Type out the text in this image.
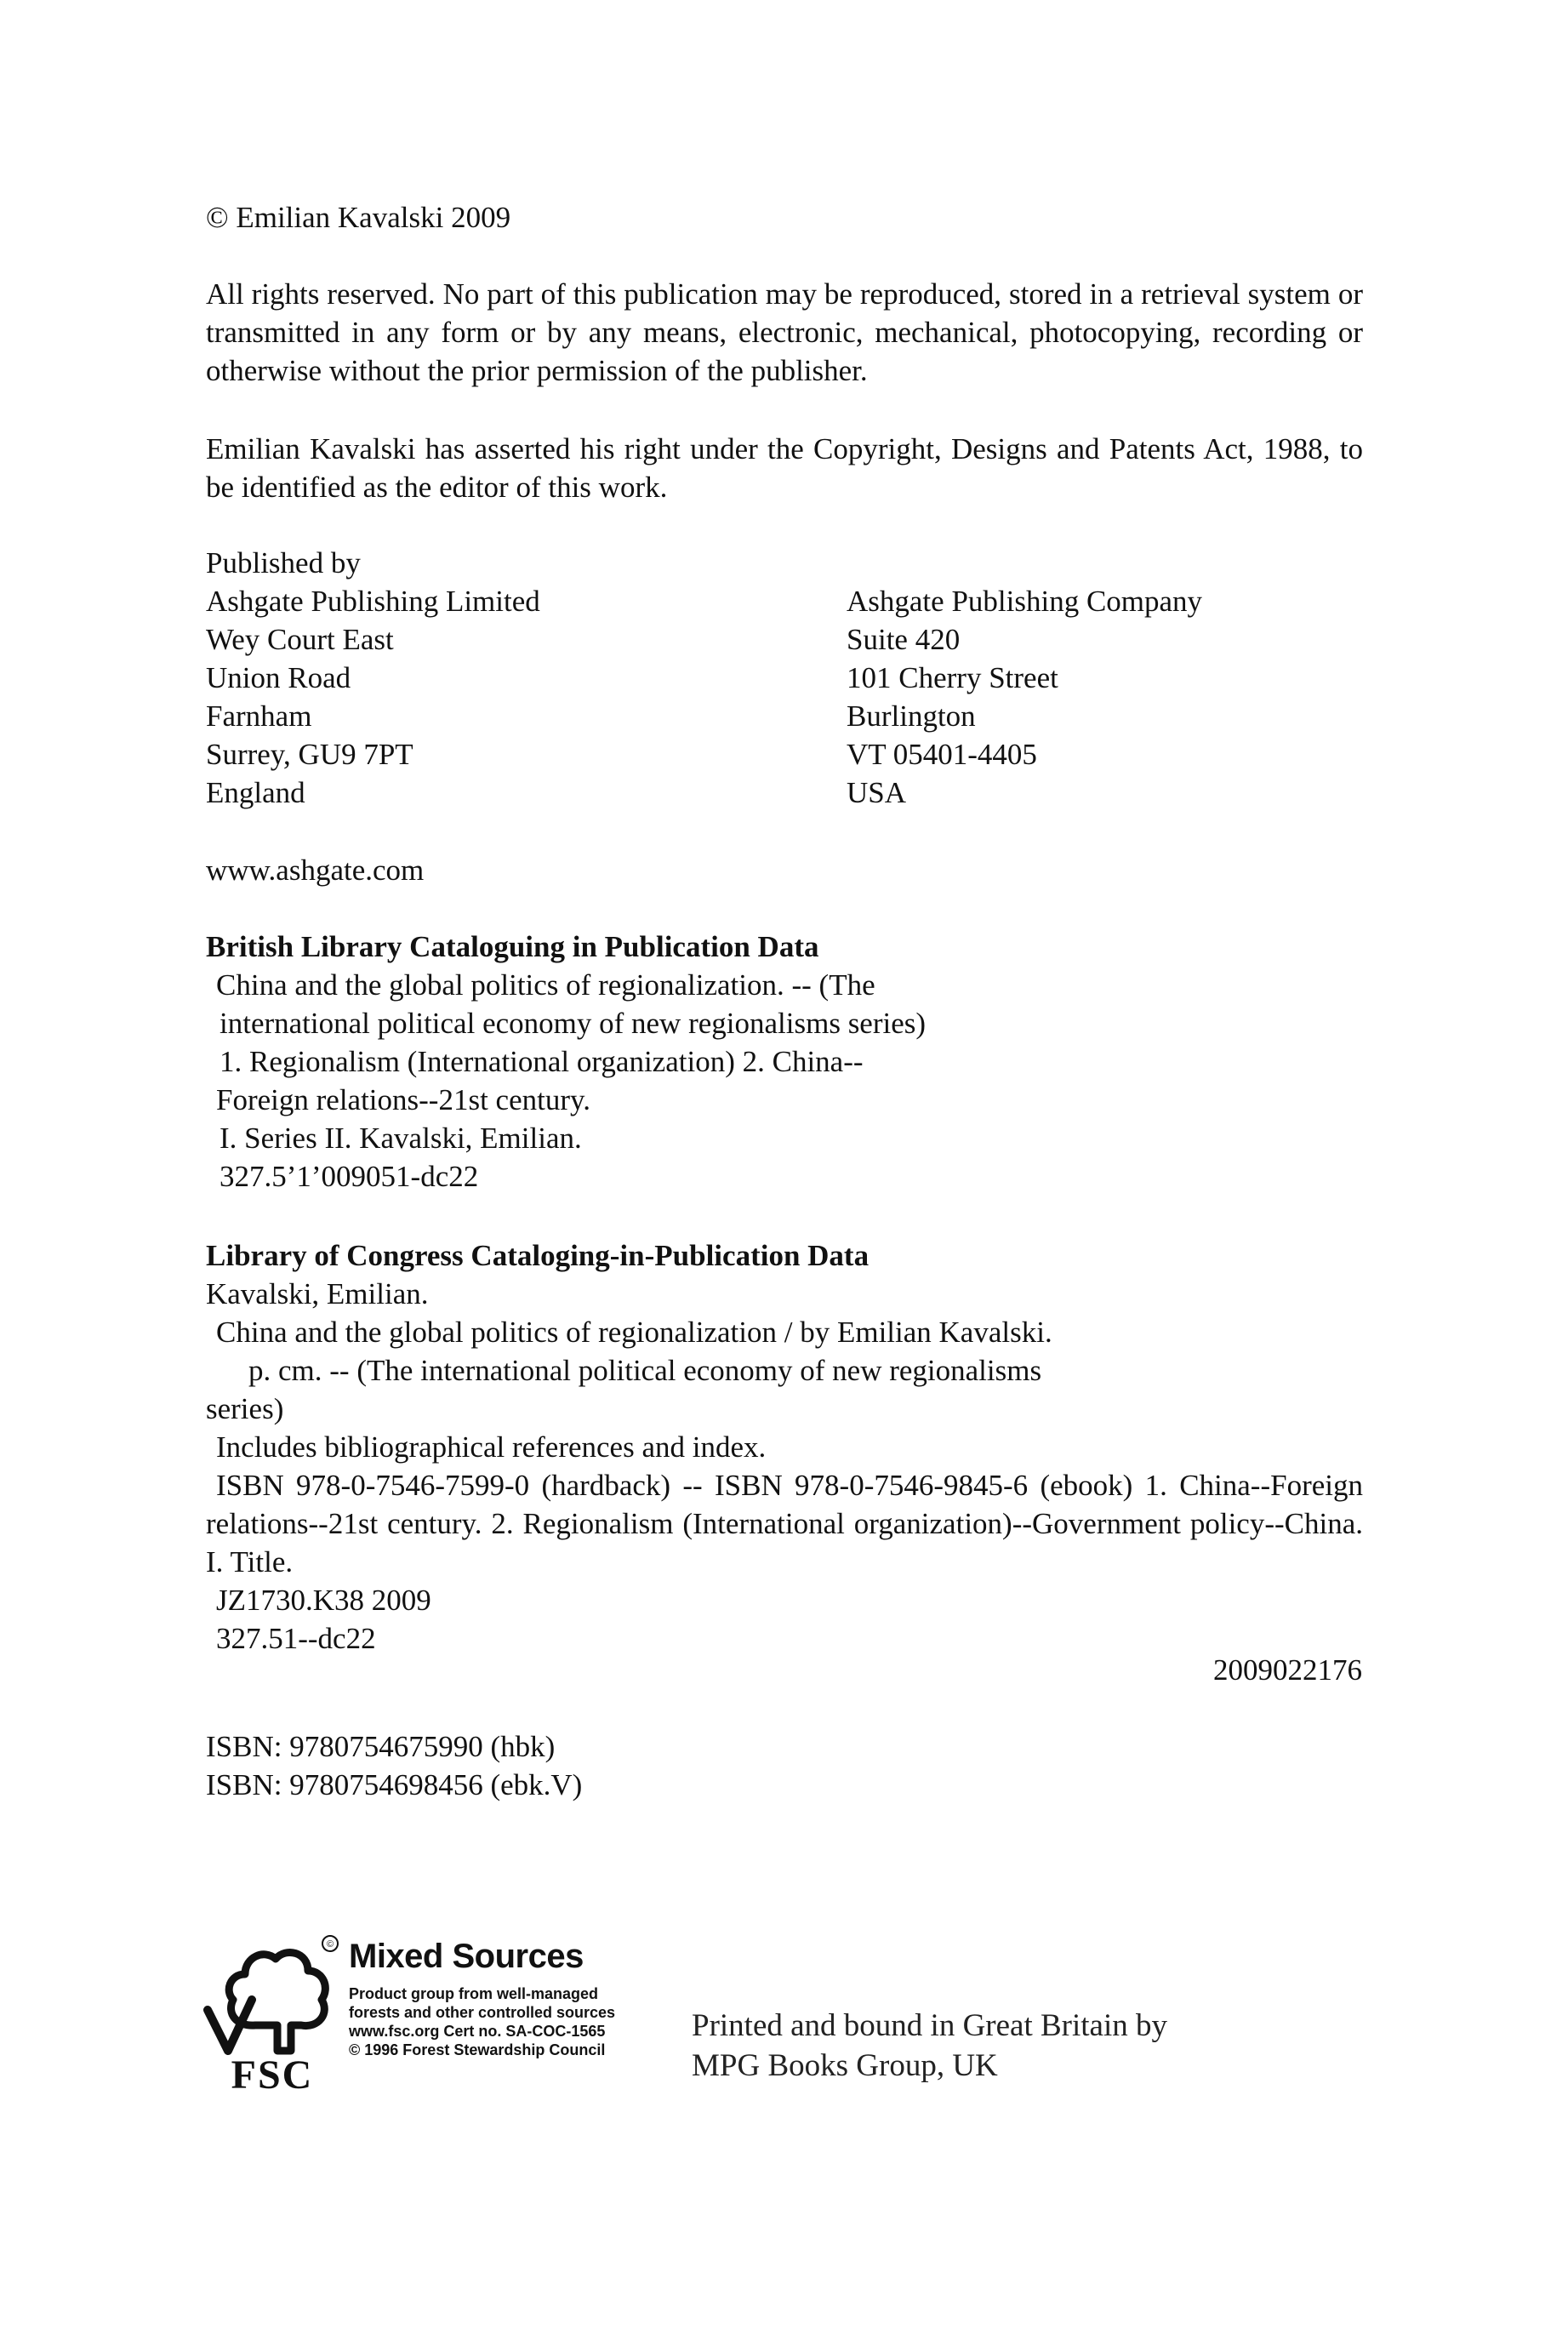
© Emilian Kavalski 2009
All rights reserved. No part of this publication may be reproduced, stored in a retrieval system or transmitted in any form or by any means, electronic, mechanical, photocopying, recording or otherwise without the prior permission of the publisher.
Emilian Kavalski has asserted his right under the Copyright, Designs and Patents Act, 1988, to be identified as the editor of this work.
Published by
Ashgate Publishing Limited
Wey Court East
Union Road
Farnham
Surrey, GU9 7PT
England
Ashgate Publishing Company
Suite 420
101 Cherry Street
Burlington
VT 05401-4405
USA
www.ashgate.com
British Library Cataloguing in Publication Data
China and the global politics of regionalization. -- (The
international political economy of new regionalisms series)
1. Regionalism (International organization) 2. China--
Foreign relations--21st century.
I. Series II. Kavalski, Emilian.
327.5’1’009051-dc22
Library of Congress Cataloging-in-Publication Data
Kavalski, Emilian.
China and the global politics of regionalization / by Emilian Kavalski.
p. cm. -- (The international political economy of new regionalisms
series)
Includes bibliographical references and index.
ISBN 978-0-7546-7599-0 (hardback) -- ISBN 978-0-7546-9845-6 (ebook) 1. China--Foreign relations--21st century. 2. Regionalism (International organization)--Government policy--China. I. Title.
JZ1730.K38 2009
327.51--dc22
2009022176
ISBN: 9780754675990 (hbk)
ISBN: 9780754698456 (ebk.V)
©
FSC
Mixed Sources
Product group from well-managed
forests and other controlled sources
www.fsc.org Cert no. SA-COC-1565
© 1996 Forest Stewardship Council
Printed and bound in Great Britain by
MPG Books Group, UK
